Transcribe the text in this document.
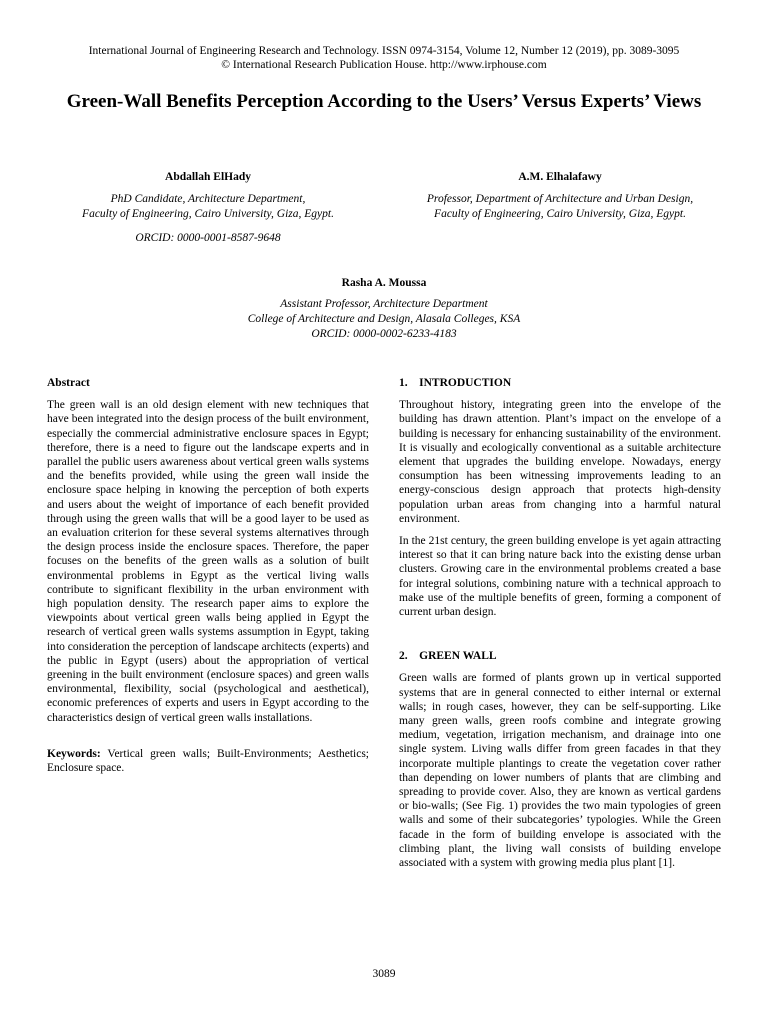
International Journal of Engineering Research and Technology. ISSN 0974-3154, Volume 12, Number 12 (2019), pp. 3089-3095
© International Research Publication House. http://www.irphouse.com
Green-Wall Benefits Perception According to the Users’ Versus Experts’ Views
Abdallah ElHady
PhD Candidate, Architecture Department,
Faculty of Engineering, Cairo University, Giza, Egypt.
ORCID: 0000-0001-8587-9648
A.M. Elhalafawy
Professor, Department of Architecture and Urban Design,
Faculty of Engineering, Cairo University, Giza, Egypt.
Rasha A. Moussa
Assistant Professor, Architecture Department
College of Architecture and Design, Alasala Colleges, KSA
ORCID: 0000-0002-6233-4183
Abstract
The green wall is an old design element with new techniques that have been integrated into the design process of the built environment, especially the commercial administrative enclosure spaces in Egypt; therefore, there is a need to figure out the landscape experts and in parallel the public users awareness about vertical green walls systems and the benefits provided, while using the green wall inside the enclosure space helping in knowing the perception of both experts and users about the weight of importance of each benefit provided through using the green walls that will be a good layer to be used as an evaluation criterion for these several systems alternatives through the design process inside the enclosure spaces. Therefore, the paper focuses on the benefits of the green walls as a solution of built environmental problems in Egypt as the vertical living walls contribute to significant flexibility in the urban environment with high population density. The research paper aims to explore the viewpoints about vertical green walls being applied in Egypt the research of vertical green walls systems assumption in Egypt, taking into consideration the perception of landscape architects (experts) and the public in Egypt (users) about the appropriation of vertical greening in the built environment (enclosure spaces) and green walls environmental, flexibility, social (psychological and aesthetical), economic preferences of experts and users in Egypt according to the characteristics design of vertical green walls installations.
Keywords: Vertical green walls; Built-Environments; Aesthetics; Enclosure space.
1.    INTRODUCTION
Throughout history, integrating green into the envelope of the building has drawn attention. Plant’s impact on the envelope of a building is necessary for enhancing sustainability of the environment. It is visually and ecologically conventional as a suitable architecture element that upgrades the building envelope. Nowadays, energy consumption has been witnessing improvements leading to an energy-conscious design approach that protects high-density population urban areas from changing into a harmful natural environment.
In the 21st century, the green building envelope is yet again attracting interest so that it can bring nature back into the existing dense urban clusters. Growing care in the environmental problems created a base for integral solutions, combining nature with a technical approach to make use of the multiple benefits of green, forming a component of current urban design.
2.    GREEN WALL
Green walls are formed of plants grown up in vertical supported systems that are in general connected to either internal or external walls; in rough cases, however, they can be self-supporting. Like many green walls, green roofs combine and integrate growing medium, vegetation, irrigation mechanism, and drainage into one single system. Living walls differ from green facades in that they incorporate multiple plantings to create the vegetation cover rather than depending on lower numbers of plants that are climbing and spreading to provide cover. Also, they are known as vertical gardens or bio-walls; (See Fig. 1) provides the two main typologies of green walls and some of their subcategories’ typologies. While the Green facade in the form of building envelope is associated with the climbing plant, the living wall consists of building envelope associated with a system with growing media plus plant [1].
3089
